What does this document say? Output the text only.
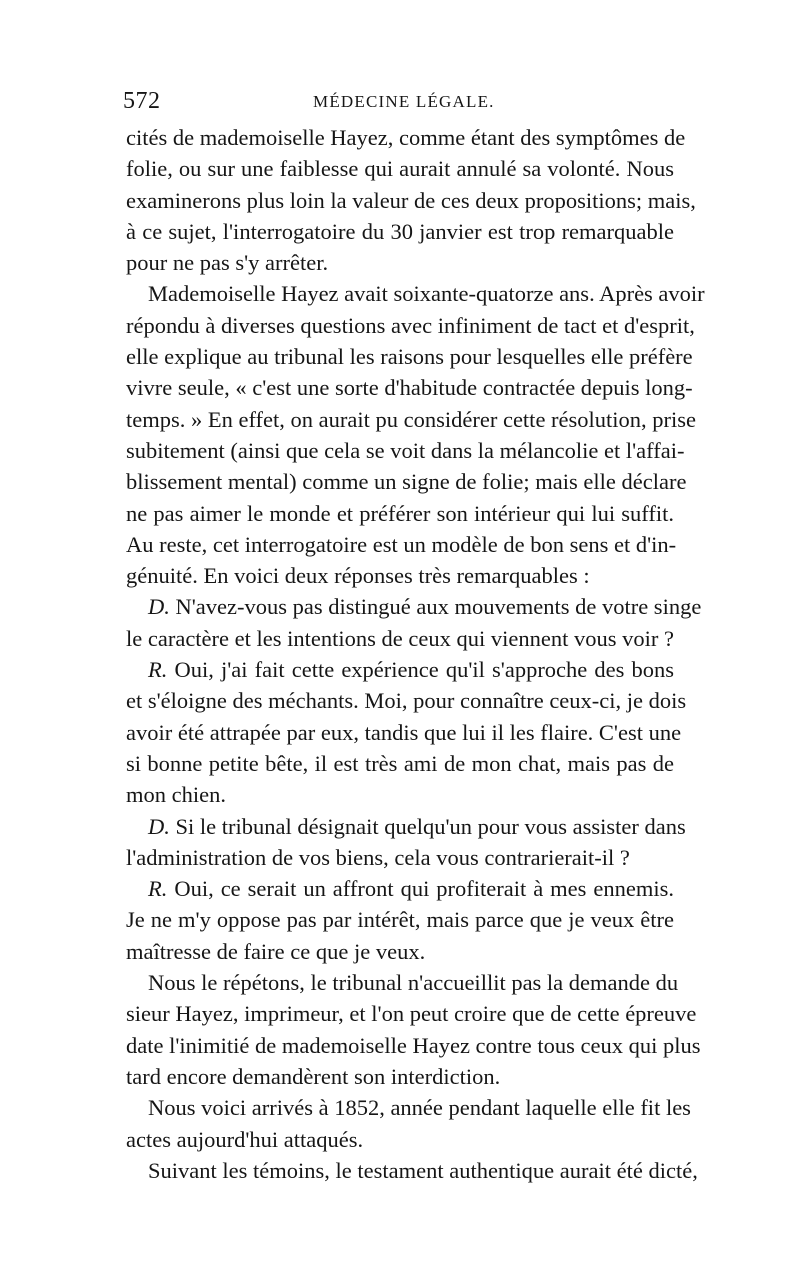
572	MÉDECINE LÉGALE.
cités de mademoiselle Hayez, comme étant des symptômes de
folie, ou sur une faiblesse qui aurait annulé sa volonté. Nous
examinerons plus loin la valeur de ces deux propositions; mais,
à ce sujet, l'interrogatoire du 30 janvier est trop remarquable
pour ne pas s'y arrêter.
Mademoiselle Hayez avait soixante-quatorze ans. Après avoir
répondu à diverses questions avec infiniment de tact et d'esprit,
elle explique au tribunal les raisons pour lesquelles elle préfère
vivre seule, « c'est une sorte d'habitude contractée depuis long-
temps. » En effet, on aurait pu considérer cette résolution, prise
subitement (ainsi que cela se voit dans la mélancolie et l'affai-
blissement mental) comme un signe de folie; mais elle déclare
ne pas aimer le monde et préférer son intérieur qui lui suffit.
Au reste, cet interrogatoire est un modèle de bon sens et d'in-
génuité. En voici deux réponses très remarquables :
D. N'avez-vous pas distingué aux mouvements de votre singe
le caractère et les intentions de ceux qui viennent vous voir ?
R. Oui, j'ai fait cette expérience qu'il s'approche des bons
et s'éloigne des méchants. Moi, pour connaître ceux-ci, je dois
avoir été attrapée par eux, tandis que lui il les flaire. C'est une
si bonne petite bête, il est très ami de mon chat, mais pas de
mon chien.
D. Si le tribunal désignait quelqu'un pour vous assister dans
l'administration de vos biens, cela vous contrarierait-il ?
R. Oui, ce serait un affront qui profiterait à mes ennemis.
Je ne m'y oppose pas par intérêt, mais parce que je veux être
maîtresse de faire ce que je veux.
Nous le répétons, le tribunal n'accueillit pas la demande du
sieur Hayez, imprimeur, et l'on peut croire que de cette épreuve
date l'inimitié de mademoiselle Hayez contre tous ceux qui plus
tard encore demandèrent son interdiction.
Nous voici arrivés à 1852, année pendant laquelle elle fit les
actes aujourd'hui attaqués.
Suivant les témoins, le testament authentique aurait été dicté,
